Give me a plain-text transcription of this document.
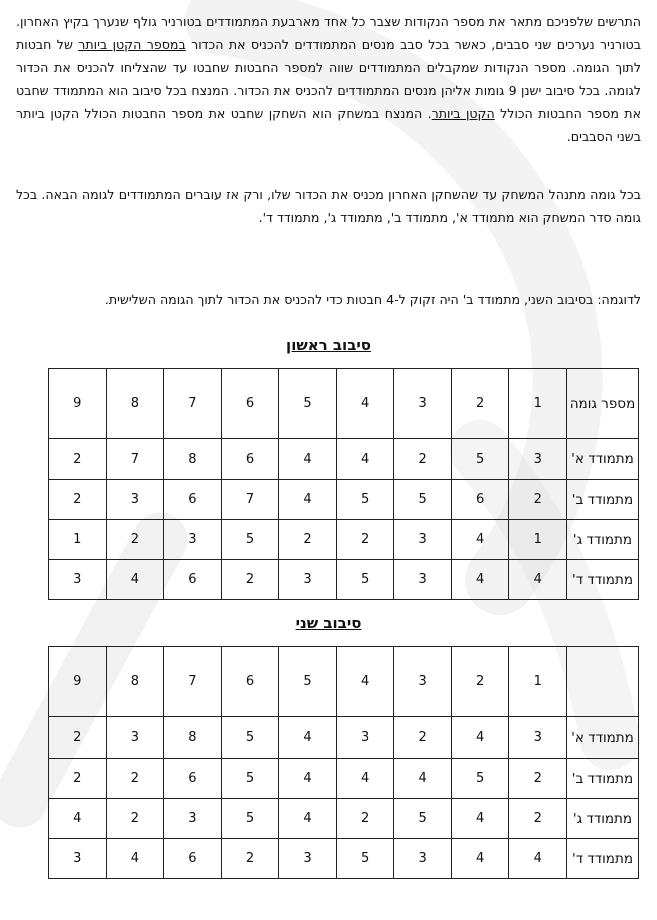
התרשים שלפניכם מתאר את מספר הנקודות שצבר כל אחד מארבעת המתמודדים בטורניר גולף שנערך בקיץ האחרון. בטורניר נערכים שני סבבים, כאשר בכל סבב מנסים המתמודדים להכניס את הכדור במספר הקטן ביותר של חבטות לתוך הגומה. מספר הנקודות שמקבלים המתמודדים שווה למספר החבטות שחבטו עד שהצליחו להכניס את הכדור לגומה. בכל סיבוב ישנן 9 גומות אליהן מנסים המתמודדים להכניס את הכדור. המנצח בכל סיבוב הוא המתמודד שחבט את מספר החבטות הכולל הקטן ביותר. המנצח במשחק הוא השחקן שחבט את מספר החבטות הכולל הקטן ביותר בשני הסבבים.
בכל גומה מתנהל המשחק עד שהשחקן האחרון מכניס את הכדור שלו, ורק אז עוברים המתמודדים לגומה הבאה. בכל גומה סדר המשחק הוא מתמודד א', מתמודד ב', מתמודד ג', מתמודד ד'.
לדוגמה: בסיבוב השני, מתמודד ב' היה זקוק ל-4 חבטות כדי להכניס את הכדור לתוך הגומה השלישית.
סיבוב ראשון
מספר גומה	1	2	3	4	5	6	7	8	9
מתמודד א'	3	5	2	4	4	6	8	7	2
מתמודד ב'	2	6	5	5	4	7	6	3	2
מתמודד ג'	1	4	3	2	2	5	3	2	1
מתמודד ד'	4	4	3	5	3	2	6	4	3
סיבוב שני
	1	2	3	4	5	6	7	8	9
מתמודד א'	3	4	2	3	4	5	8	3	2
מתמודד ב'	2	5	4	4	4	5	6	2	2
מתמודד ג'	2	4	5	2	4	5	3	2	4
מתמודד ד'	4	4	3	5	3	2	6	4	3
